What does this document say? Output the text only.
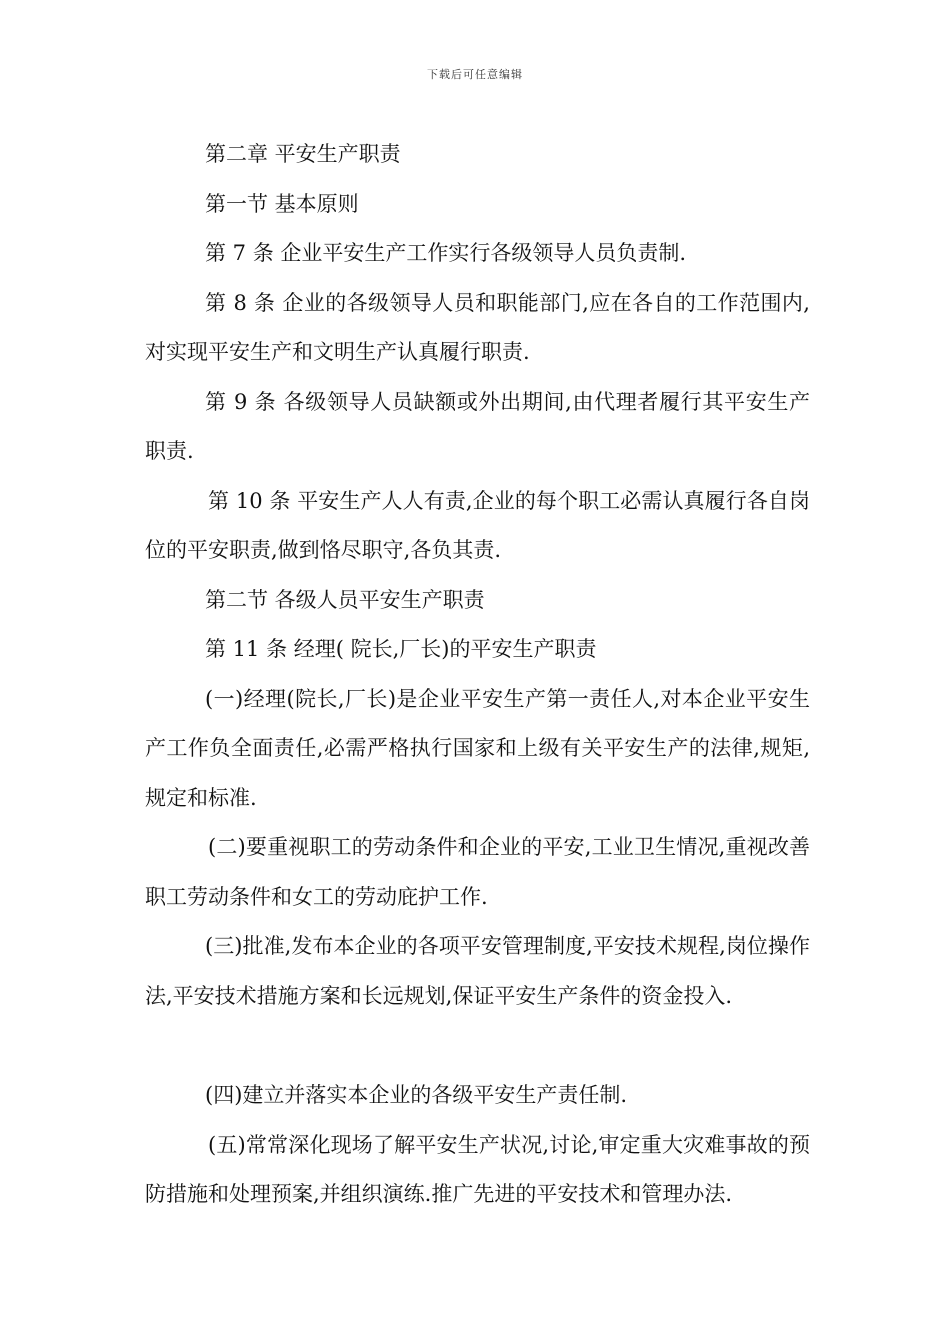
下载后可任意编辑

第二章 平安生产职责

第一节 基本原则

第 7 条 企业平安生产工作实行各级领导人员负责制.

第 8 条 企业的各级领导人员和职能部门,应在各自的工作范围内,对实现平安生产和文明生产认真履行职责.

第 9 条 各级领导人员缺额或外出期间,由代理者履行其平安生产职责.

第 10 条 平安生产人人有责,企业的每个职工必需认真履行各自岗位的平安职责,做到恪尽职守,各负其责.

第二节 各级人员平安生产职责

第 11 条 经理( 院长,厂长)的平安生产职责

(一)经理(院长,厂长)是企业平安生产第一责任人,对本企业平安生产工作负全面责任,必需严格执行国家和上级有关平安生产的法律,规矩,规定和标准.

(二)要重视职工的劳动条件和企业的平安,工业卫生情况,重视改善职工劳动条件和女工的劳动庇护工作.

(三)批准,发布本企业的各项平安管理制度,平安技术规程,岗位操作法,平安技术措施方案和长远规划,保证平安生产条件的资金投入.

(四)建立并落实本企业的各级平安生产责任制.

(五)常常深化现场了解平安生产状况,讨论,审定重大灾难事故的预防措施和处理预案,并组织演练.推广先进的平安技术和管理办法.
